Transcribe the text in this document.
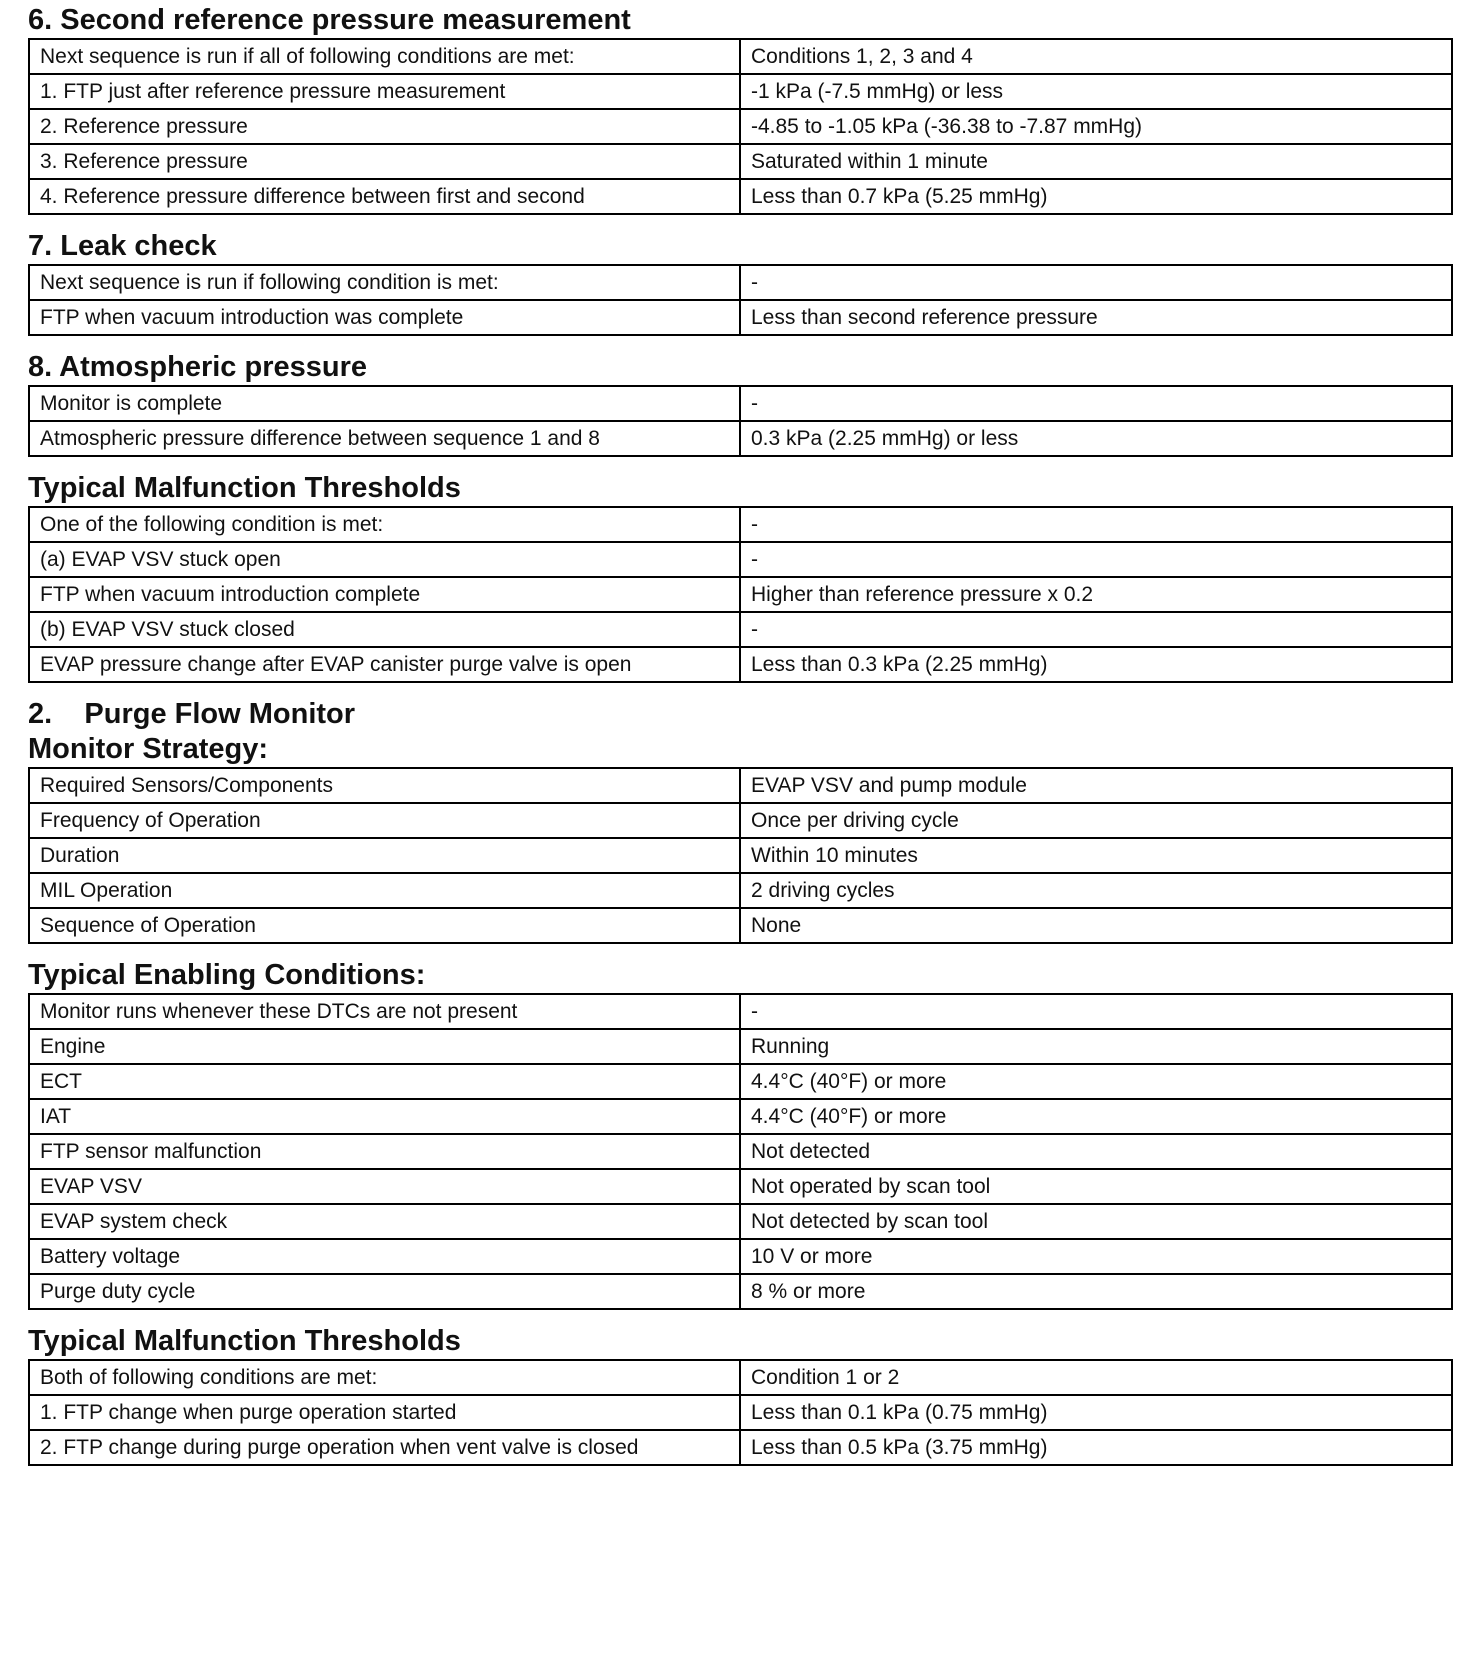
6. Second reference pressure measurement
Next sequence is run if all of following conditions are met:	Conditions 1, 2, 3 and 4
1. FTP just after reference pressure measurement	-1 kPa (-7.5 mmHg) or less
2. Reference pressure	-4.85 to -1.05 kPa (-36.38 to -7.87 mmHg)
3. Reference pressure	Saturated within 1 minute
4. Reference pressure difference between first and second	Less than 0.7 kPa (5.25 mmHg)
7. Leak check
Next sequence is run if following condition is met:	-
FTP when vacuum introduction was complete	Less than second reference pressure
8. Atmospheric pressure
Monitor is complete	-
Atmospheric pressure difference between sequence 1 and 8	0.3 kPa (2.25 mmHg) or less
Typical Malfunction Thresholds
One of the following condition is met:	-
(a) EVAP VSV stuck open	-
FTP when vacuum introduction complete	Higher than reference pressure x 0.2
(b) EVAP VSV stuck closed	-
EVAP pressure change after EVAP canister purge valve is open	Less than 0.3 kPa (2.25 mmHg)
2.    Purge Flow Monitor
Monitor Strategy:
Required Sensors/Components	EVAP VSV and pump module
Frequency of Operation	Once per driving cycle
Duration	Within 10 minutes
MIL Operation	2 driving cycles
Sequence of Operation	None
Typical Enabling Conditions:
Monitor runs whenever these DTCs are not present	-
Engine	Running
ECT	4.4°C (40°F) or more
IAT	4.4°C (40°F) or more
FTP sensor malfunction	Not detected
EVAP VSV	Not operated by scan tool
EVAP system check	Not detected by scan tool
Battery voltage	10 V or more
Purge duty cycle	8 % or more
Typical Malfunction Thresholds
Both of following conditions are met:	Condition 1 or 2
1. FTP change when purge operation started	Less than 0.1 kPa (0.75 mmHg)
2. FTP change during purge operation when vent valve is closed	Less than 0.5 kPa (3.75 mmHg)
